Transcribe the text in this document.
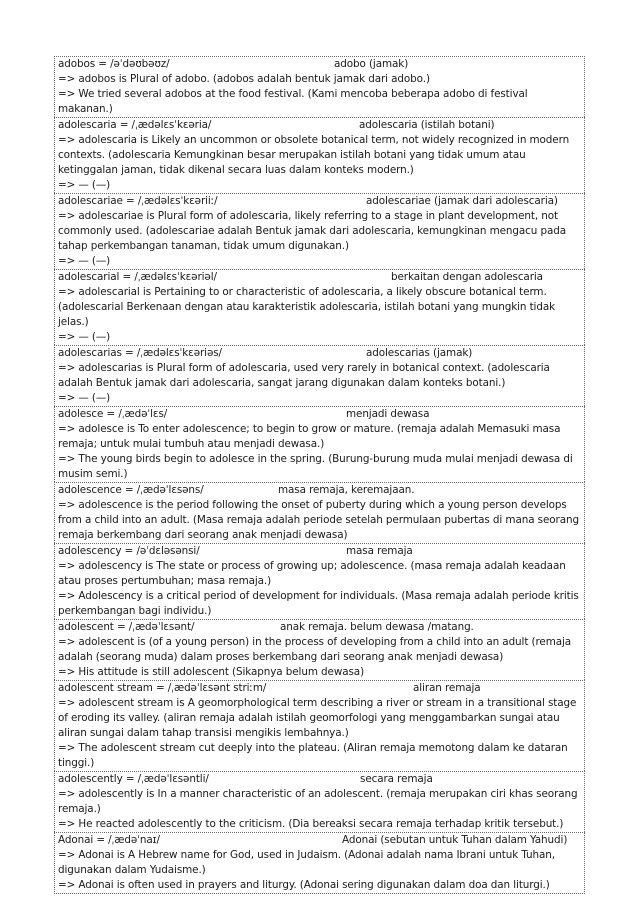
adobos = /əˈdəʊbəʊz/	adobo (jamak)
=> adobos is Plural of adobo. (adobos adalah bentuk jamak dari adobo.)
=> We tried several adobos at the food festival. (Kami mencoba beberapa adobo di festival makanan.)
adolescaria = /ˌædəlɛsˈkɛəria/	adolescaria (istilah botani)
=> adolescaria is Likely an uncommon or obsolete botanical term, not widely recognized in modern contexts. (adolescaria Kemungkinan besar merupakan istilah botani yang tidak umum atau ketinggalan jaman, tidak dikenal secara luas dalam konteks modern.)
=> — (—)
adolescariae = /ˌædəlɛsˈkɛəriiː/	adolescariae (jamak dari adolescaria)
=> adolescariae is Plural form of adolescaria, likely referring to a stage in plant development, not commonly used. (adolescariae adalah Bentuk jamak dari adolescaria, kemungkinan mengacu pada tahap perkembangan tanaman, tidak umum digunakan.)
=> — (—)
adolescarial = /ˌædəlɛsˈkɛəriəl/	berkaitan dengan adolescaria
=> adolescarial is Pertaining to or characteristic of adolescaria, a likely obscure botanical term. (adolescarial Berkenaan dengan atau karakteristik adolescaria, istilah botani yang mungkin tidak jelas.)
=> — (—)
adolescarias = /ˌædəlɛsˈkɛəriəs/	adolescarias (jamak)
=> adolescarias is Plural form of adolescaria, used very rarely in botanical context. (adolescaria adalah Bentuk jamak dari adolescaria, sangat jarang digunakan dalam konteks botani.)
=> — (—)
adolesce = /ˌædəˈlɛs/	menjadi dewasa
=> adolesce is To enter adolescence; to begin to grow or mature. (remaja adalah Memasuki masa remaja; untuk mulai tumbuh atau menjadi dewasa.)
=> The young birds begin to adolesce in the spring. (Burung-burung muda mulai menjadi dewasa di musim semi.)
adolescence = /ˌædəˈlɛsəns/	masa remaja, keremajaan.
=> adolescence is the period following the onset of puberty during which a young person develops from a child into an adult. (Masa remaja adalah periode setelah permulaan pubertas di mana seorang remaja berkembang dari seorang anak menjadi dewasa)
adolescency = /əˈdɛləsənsi/	masa remaja
=> adolescency is The state or process of growing up; adolescence. (masa remaja adalah keadaan atau proses pertumbuhan; masa remaja.)
=> Adolescency is a critical period of development for individuals. (Masa remaja adalah periode kritis perkembangan bagi individu.)
adolescent = /ˌædəˈlɛsənt/	anak remaja. belum dewasa /matang.
=> adolescent is (of a young person) in the process of developing from a child into an adult (remaja adalah (seorang muda) dalam proses berkembang dari seorang anak menjadi dewasa)
=> His attitude is still adolescent (Sikapnya belum dewasa)
adolescent stream = /ˌædəˈlɛsənt striːm/	aliran remaja
=> adolescent stream is A geomorphological term describing a river or stream in a transitional stage of eroding its valley. (aliran remaja adalah istilah geomorfologi yang menggambarkan sungai atau aliran sungai dalam tahap transisi mengikis lembahnya.)
=> The adolescent stream cut deeply into the plateau. (Aliran remaja memotong dalam ke dataran tinggi.)
adolescently = /ˌædəˈlɛsəntli/	secara remaja
=> adolescently is In a manner characteristic of an adolescent. (remaja merupakan ciri khas seorang remaja.)
=> He reacted adolescently to the criticism. (Dia bereaksi secara remaja terhadap kritik tersebut.)
Adonai = /ˌædəˈnaɪ/	Adonai (sebutan untuk Tuhan dalam Yahudi)
=> Adonai is A Hebrew name for God, used in Judaism. (Adonai adalah nama Ibrani untuk Tuhan, digunakan dalam Yudaisme.)
=> Adonai is often used in prayers and liturgy. (Adonai sering digunakan dalam doa dan liturgi.)
